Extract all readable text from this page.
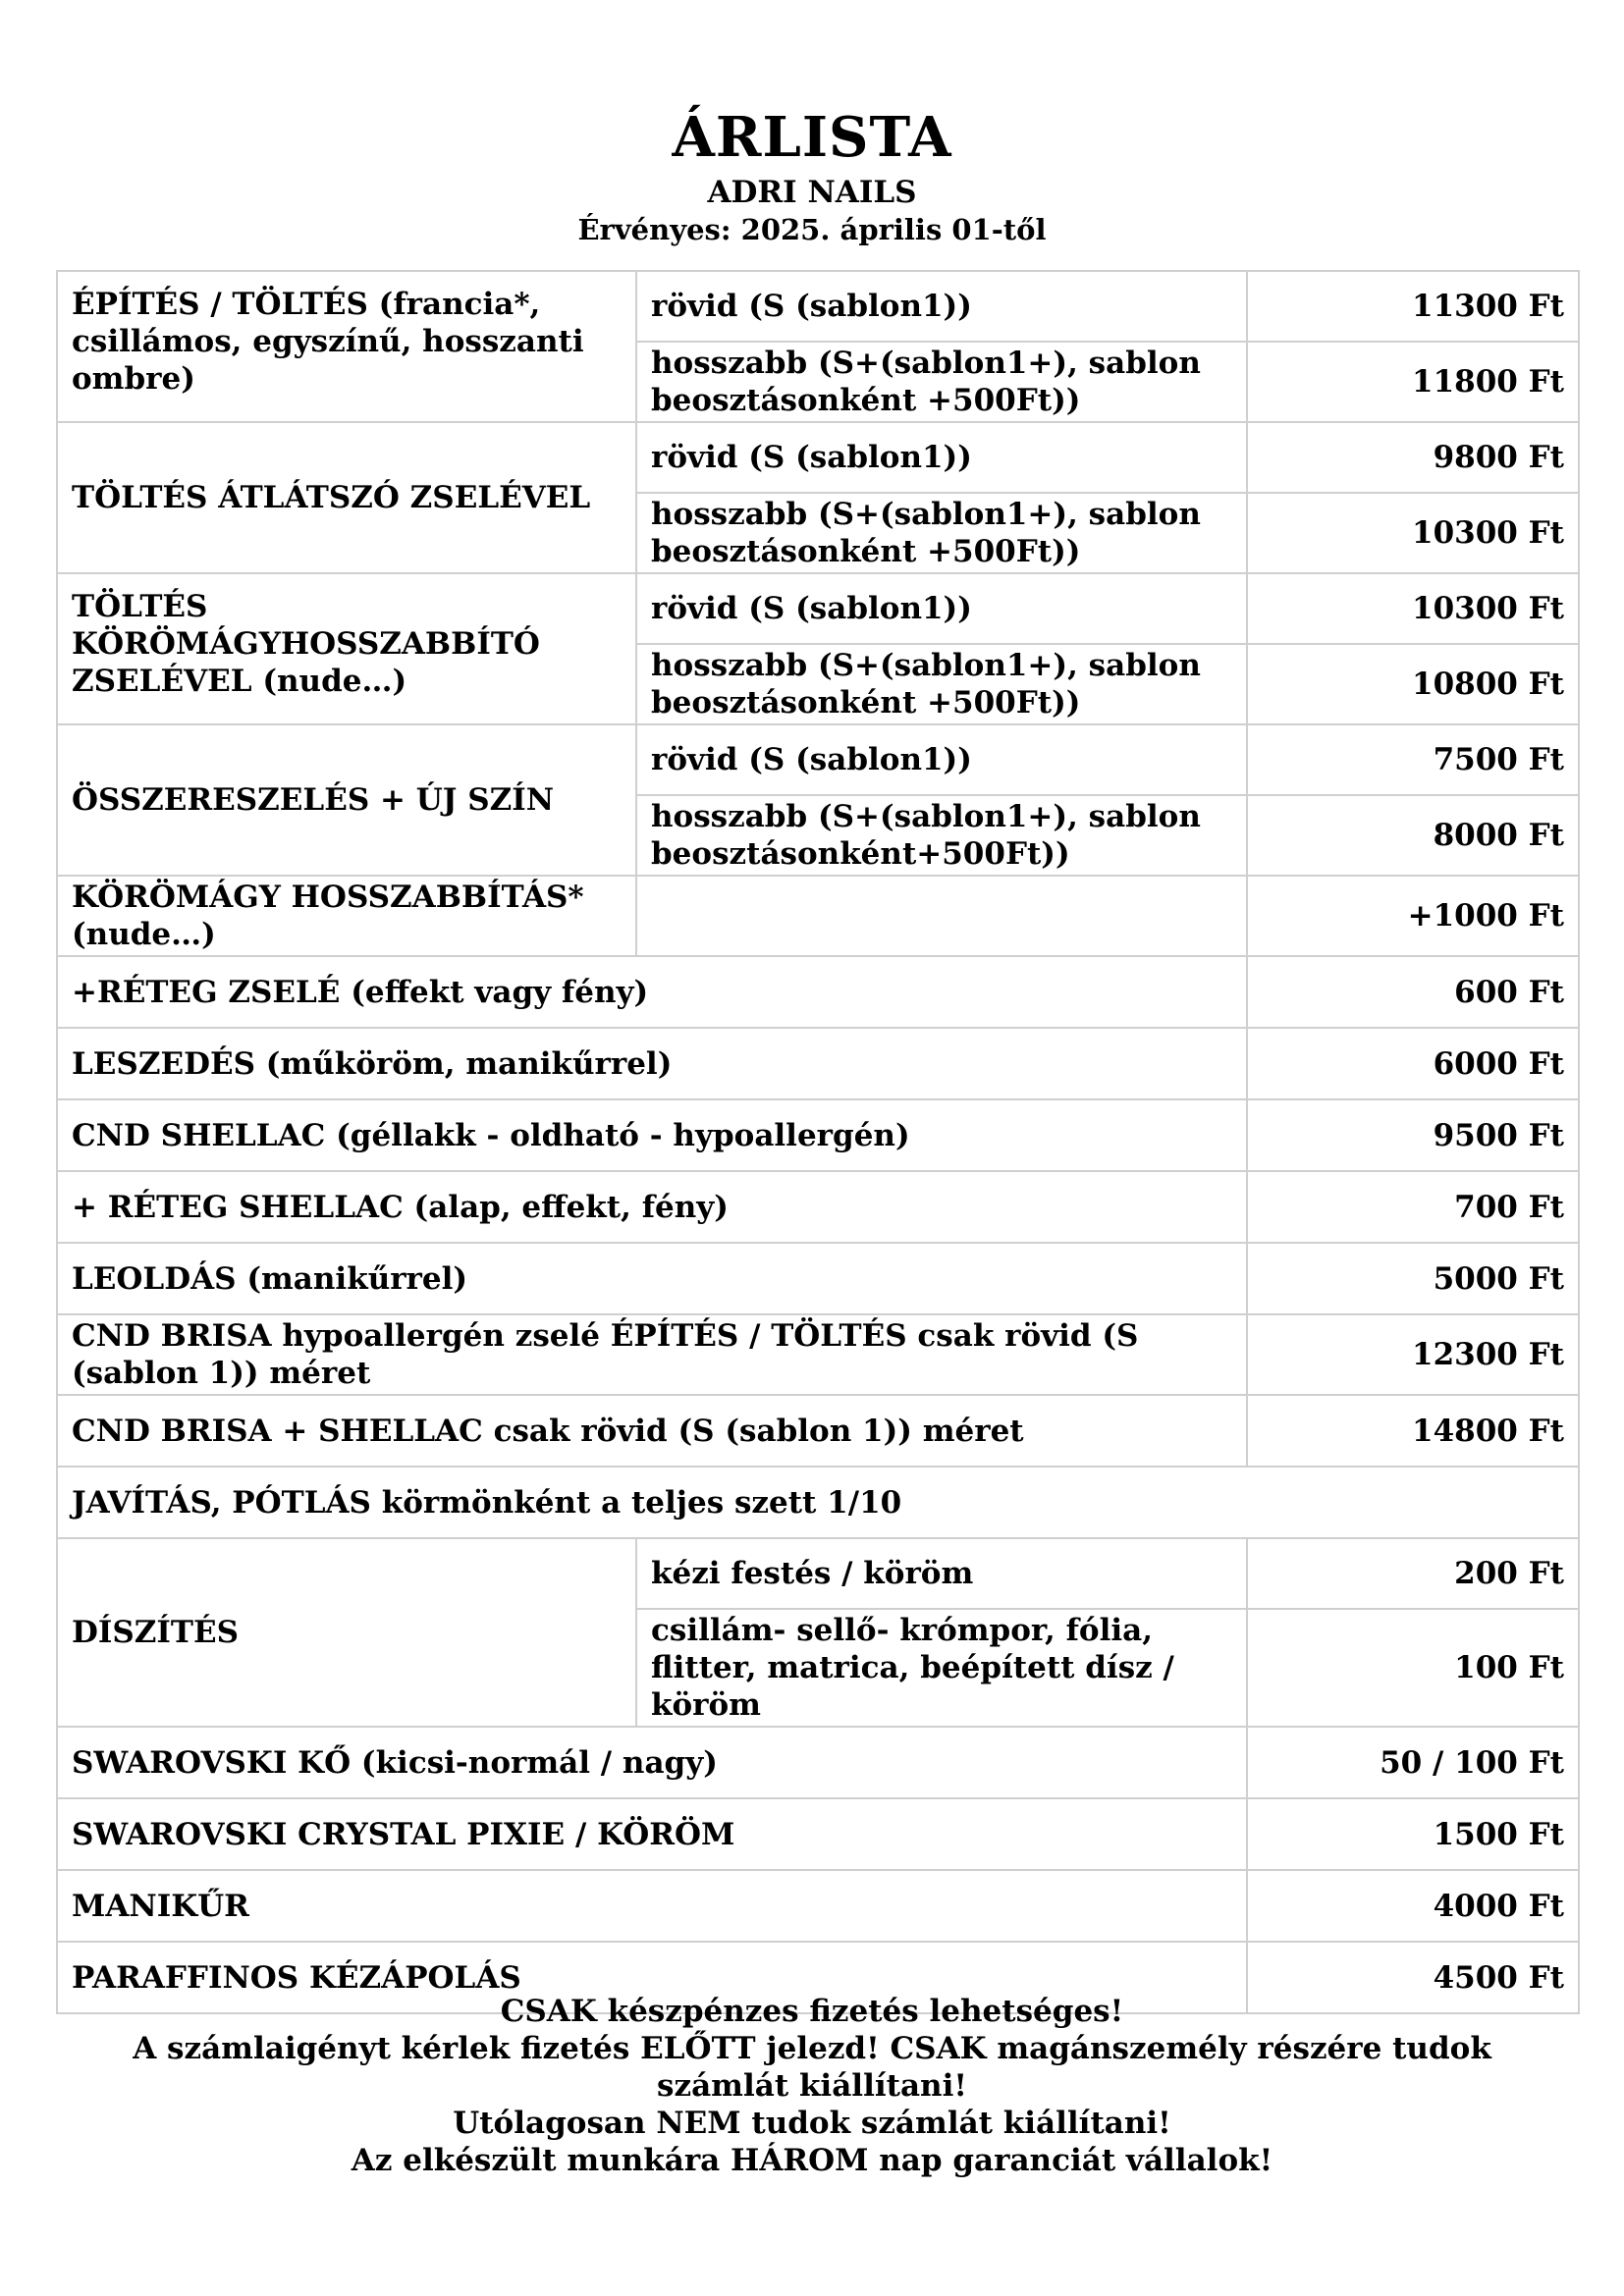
ÁRLISTA
ADRI NAILS
Érvényes: 2025. április 01-től
ÉPÍTÉS / TÖLTÉS (francia*, csillámos, egyszínű, hosszanti ombre)	rövid (S (sablon1))	11300 Ft
	hosszabb (S+(sablon1+), sablon beosztásonként +500Ft))	11800 Ft
TÖLTÉS ÁTLÁTSZÓ ZSELÉVEL	rövid (S (sablon1))	9800 Ft
	hosszabb (S+(sablon1+), sablon beosztásonként +500Ft))	10300 Ft
TÖLTÉS KÖRÖMÁGYHOSSZABBÍTÓ ZSELÉVEL (nude…)	rövid (S (sablon1))	10300 Ft
	hosszabb (S+(sablon1+), sablon beosztásonként +500Ft))	10800 Ft
ÖSSZERESZELÉS + ÚJ SZÍN	rövid (S (sablon1))	7500 Ft
	hosszabb (S+(sablon1+), sablon beosztásonként+500Ft))	8000 Ft
KÖRÖMÁGY HOSSZABBÍTÁS*(nude…)		+1000 Ft
+RÉTEG ZSELÉ (effekt vagy fény)		600 Ft
LESZEDÉS (műköröm, manikűrrel)		6000 Ft
CND SHELLAC (géllakk - oldható - hypoallergén)		9500 Ft
+ RÉTEG SHELLAC (alap, effekt, fény)		700 Ft
LEOLDÁS (manikűrrel)		5000 Ft
CND BRISA hypoallergén zselé ÉPÍTÉS / TÖLTÉS csak rövid (S (sablon 1)) méret		12300 Ft
CND BRISA + SHELLAC csak rövid (S (sablon 1)) méret		14800 Ft
JAVÍTÁS, PÓTLÁS körmönként a teljes szett 1/10		
DÍSZÍTÉS	kézi festés / köröm	200 Ft
	csillám- sellő- krómpor, fólia, flitter, matrica, beépített dísz / köröm	100 Ft
SWAROVSKI KŐ (kicsi-normál / nagy)		50 / 100 Ft
SWAROVSKI CRYSTAL PIXIE / KÖRÖM		1500 Ft
MANIKŰR		4000 Ft
PARAFFINOS KÉZÁPOLÁS		4500 Ft
CSAK készpénzes fizetés lehetséges!
A számlaigényt kérlek fizetés ELŐTT jelezd! CSAK magánszemély részére tudok számlát kiállítani!
Utólagosan NEM tudok számlát kiállítani!
Az elkészült munkára HÁROM nap garanciát vállalok!
